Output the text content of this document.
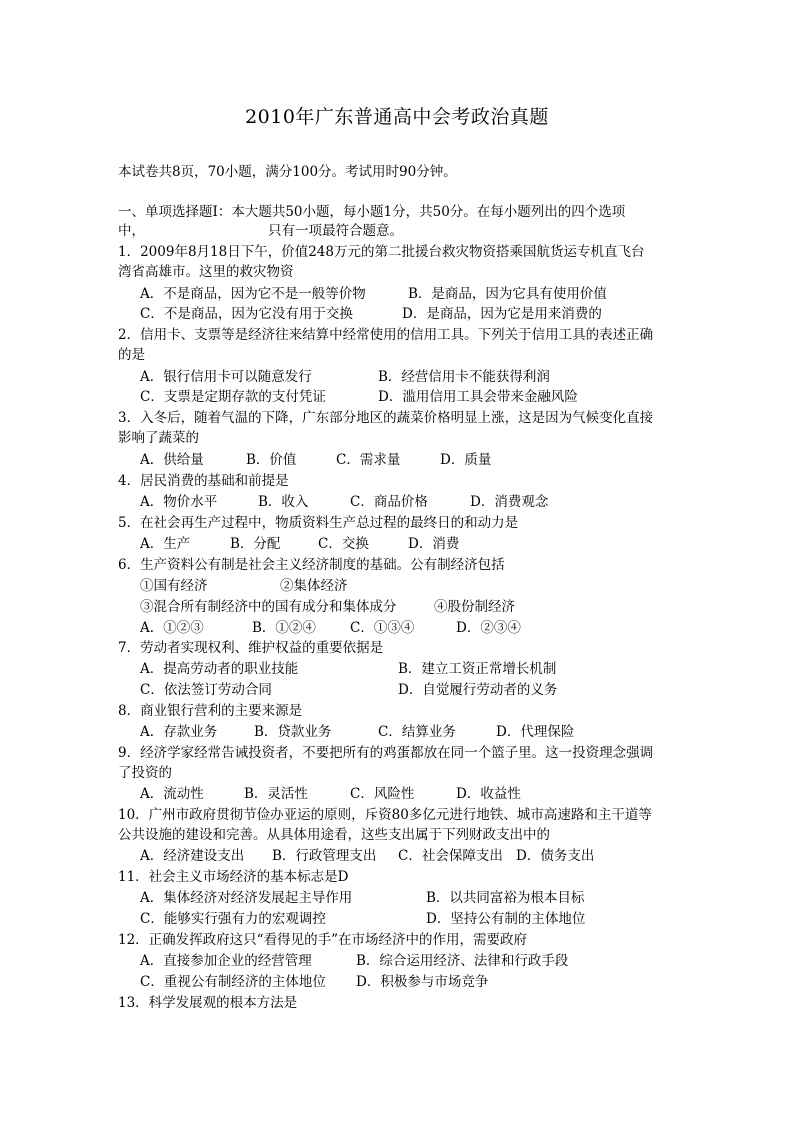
2010年广东普通高中会考政治真题
本试卷共8页，70小题，满分100分。考试用时90分钟。
一、单项选择题I：本大题共50小题，每小题1分，共50分。在每小题列出的四个选项
中，	只有一项最符合题意。
1．2009年8月18日下午，价值248万元的第二批援台救灾物资搭乘国航货运专机直飞台
湾省高雄市。这里的救灾物资
A．不是商品，因为它不是一般等价物	B．是商品，因为它具有使用价值
C．不是商品，因为它没有用于交换	D．是商品，因为它是用来消费的
2．信用卡、支票等是经济往来结算中经常使用的信用工具。下列关于信用工具的表述正确
的是
A．银行信用卡可以随意发行	B．经营信用卡不能获得利润
C．支票是定期存款的支付凭证	D．滥用信用工具会带来金融风险
3．入冬后，随着气温的下降，广东部分地区的蔬菜价格明显上涨，这是因为气候变化直接
影响了蔬菜的
A．供给量	B．价值	C．需求量	D．质量
4．居民消费的基础和前提是
A．物价水平	B．收入	C．商品价格	D．消费观念
5．在社会再生产过程中，物质资料生产总过程的最终日的和动力是
A．生产	B．分配	C．交换	D．消费
6．生产资料公有制是社会主义经济制度的基础。公有制经济包括
①国有经济	②集体经济
③混合所有制经济中的国有成分和集体成分	④股份制经济
A．①②③	B．①②④	C．①③④	D．②③④
7．劳动者实现权利、维护权益的重要依据是
A．提高劳动者的职业技能	B．建立工资正常增长机制
C．依法签订劳动合同	D．自觉履行劳动者的义务
8．商业银行营利的主要来源是
A．存款业务	B．贷款业务	C．结算业务	D．代理保险
9．经济学家经常告诫投资者，不要把所有的鸡蛋都放在同一个篮子里。这一投资理念强调
了投资的
A．流动性	B．灵活性	C．风险性	D．收益性
10．广州市政府贯彻节俭办亚运的原则，斥资80多亿元进行地铁、城市高速路和主干道等
公共设施的建设和完善。从具体用途看，这些支出属于下列财政支出中的
A．经济建设支出 B．行政管理支出 C．社会保障支出 D．债务支出
11．社会主义市场经济的基本标志是D
A．集体经济对经济发展起主导作用	B．以共同富裕为根本目标
C．能够实行强有力的宏观调控	D．坚持公有制的主体地位
12．正确发挥政府这只“看得见的手”在市场经济中的作用，需要政府
A．直接参加企业的经营管理	B．综合运用经济、法律和行政手段
C．重视公有制经济的主体地位 D．积极参与市场竞争
13．科学发展观的根本方法是
